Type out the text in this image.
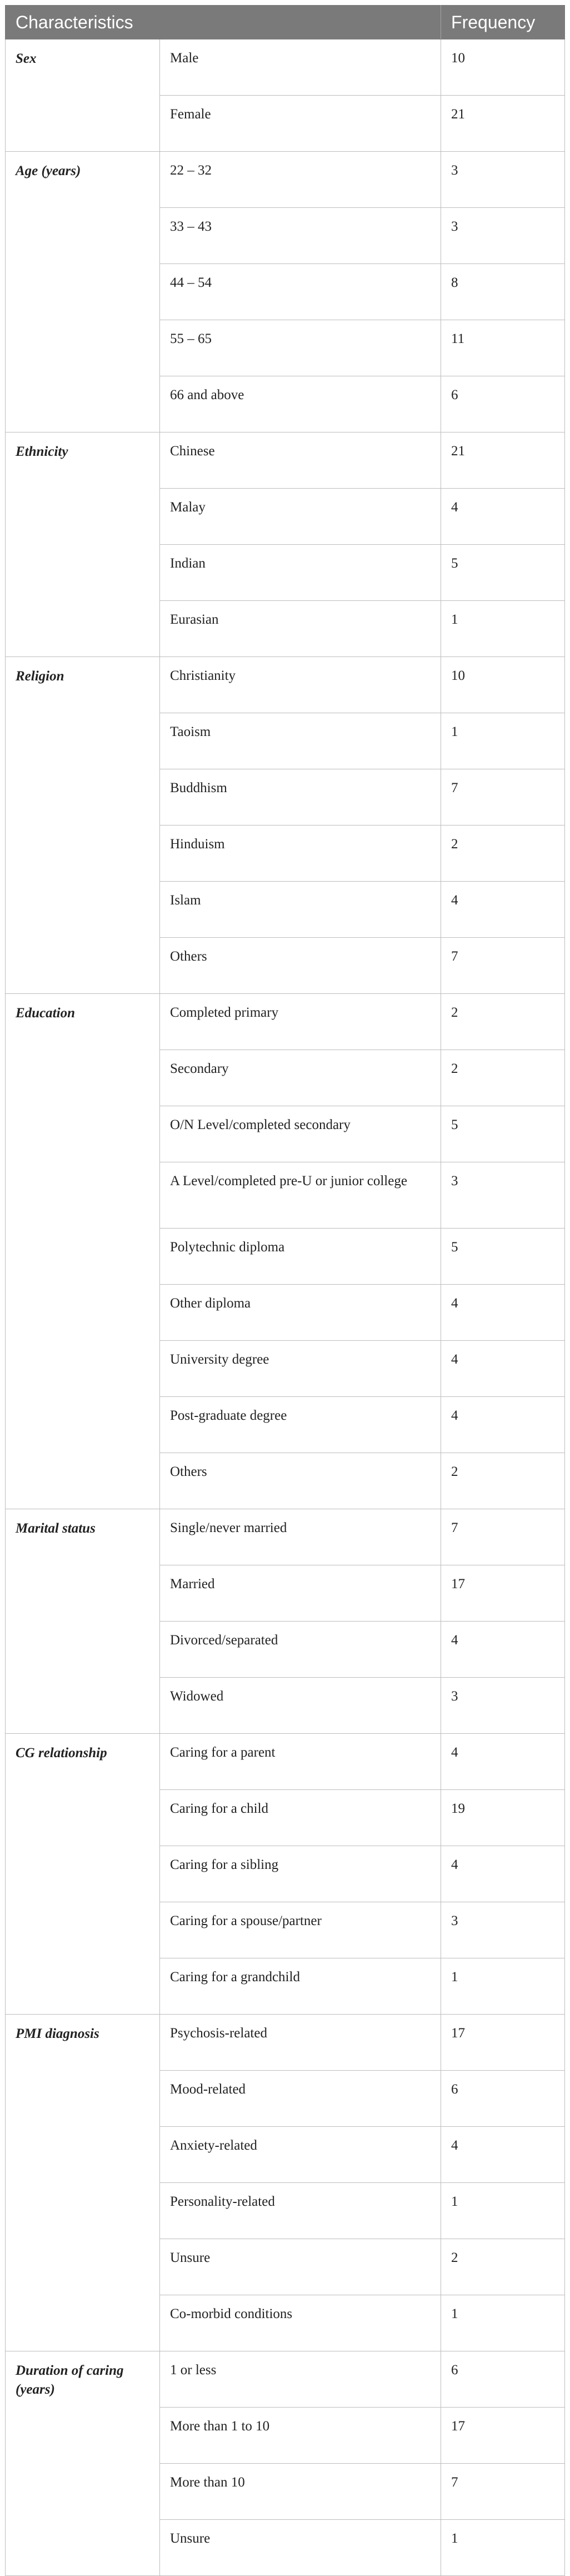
Characteristics		Frequency
Sex	Male	10
	Female	21
Age (years)	22 – 32	3
	33 – 43	3
	44 – 54	8
	55 – 65	11
	66 and above	6
Ethnicity	Chinese	21
	Malay	4
	Indian	5
	Eurasian	1
Religion	Christianity	10
	Taoism	1
	Buddhism	7
	Hinduism	2
	Islam	4
	Others	7
Education	Completed primary	2
	Secondary	2
	O/N Level/completed secondary	5
	A Level/completed pre-U or junior college	3
	Polytechnic diploma	5
	Other diploma	4
	University degree	4
	Post-graduate degree	4
	Others	2
Marital status	Single/never married	7
	Married	17
	Divorced/separated	4
	Widowed	3
CG relationship	Caring for a parent	4
	Caring for a child	19
	Caring for a sibling	4
	Caring for a spouse/partner	3
	Caring for a grandchild	1
PMI diagnosis	Psychosis-related	17
	Mood-related	6
	Anxiety-related	4
	Personality-related	1
	Unsure	2
	Co-morbid conditions	1
Duration of caring (years)	1 or less	6
	More than 1 to 10	17
	More than 10	7
	Unsure	1
